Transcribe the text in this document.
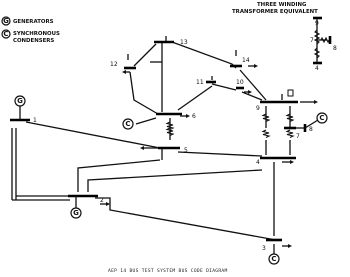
G GENERATORS
C SYNCHRONOUS
CONDENSERS
THREE WINDING
TRANSFORMER EQUIVALENT
9
8
7
4
1
2
3
4
5
6
7
8
9
10
11
12
13
14
G
G
C
C
C
AEP 14 BUS TEST SYSTEM BUS CODE DIAGRAM
